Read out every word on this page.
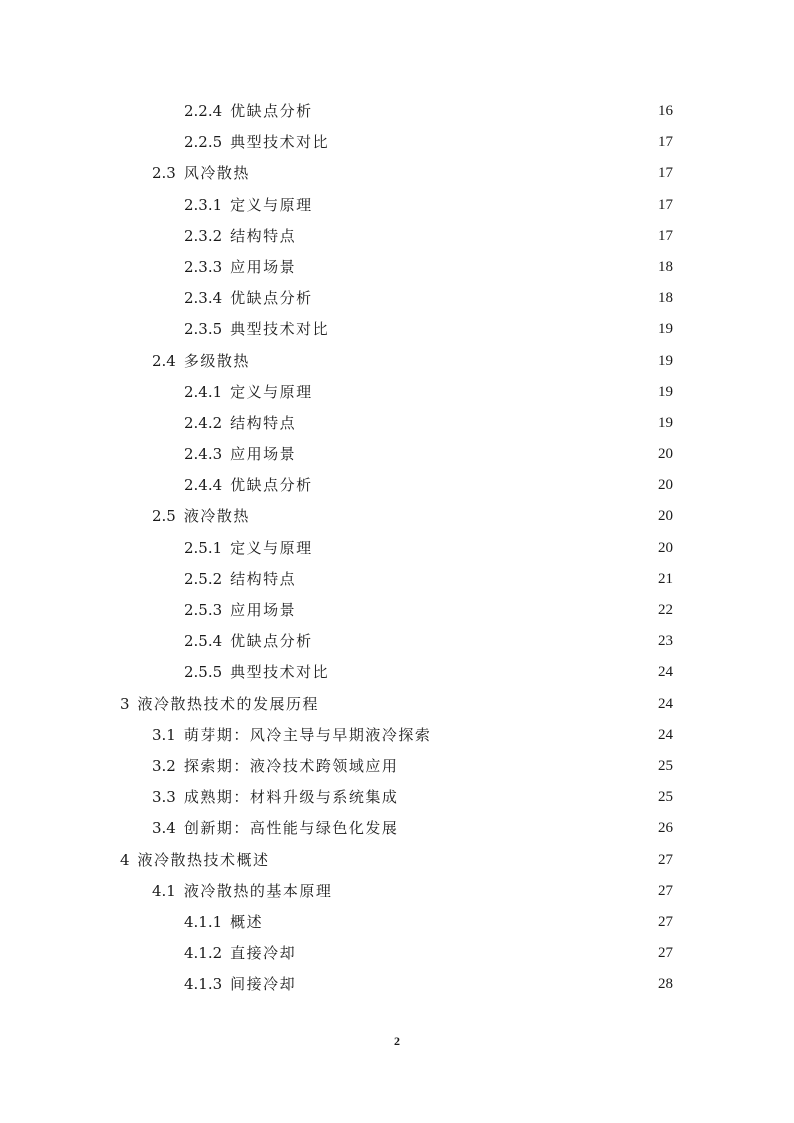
2.2.4 优缺点分析	16
2.2.5 典型技术对比	17
2.3 风冷散热	17
2.3.1 定义与原理	17
2.3.2 结构特点	17
2.3.3 应用场景	18
2.3.4 优缺点分析	18
2.3.5 典型技术对比	19
2.4 多级散热	19
2.4.1 定义与原理	19
2.4.2 结构特点	19
2.4.3 应用场景	20
2.4.4 优缺点分析	20
2.5 液冷散热	20
2.5.1 定义与原理	20
2.5.2 结构特点	21
2.5.3 应用场景	22
2.5.4 优缺点分析	23
2.5.5 典型技术对比	24
3 液冷散热技术的发展历程	24
3.1 萌芽期：风冷主导与早期液冷探索	24
3.2 探索期：液冷技术跨领域应用	25
3.3 成熟期：材料升级与系统集成	25
3.4 创新期：高性能与绿色化发展	26
4 液冷散热技术概述	27
4.1 液冷散热的基本原理	27
4.1.1 概述	27
4.1.2 直接冷却	27
4.1.3 间接冷却	28
2
